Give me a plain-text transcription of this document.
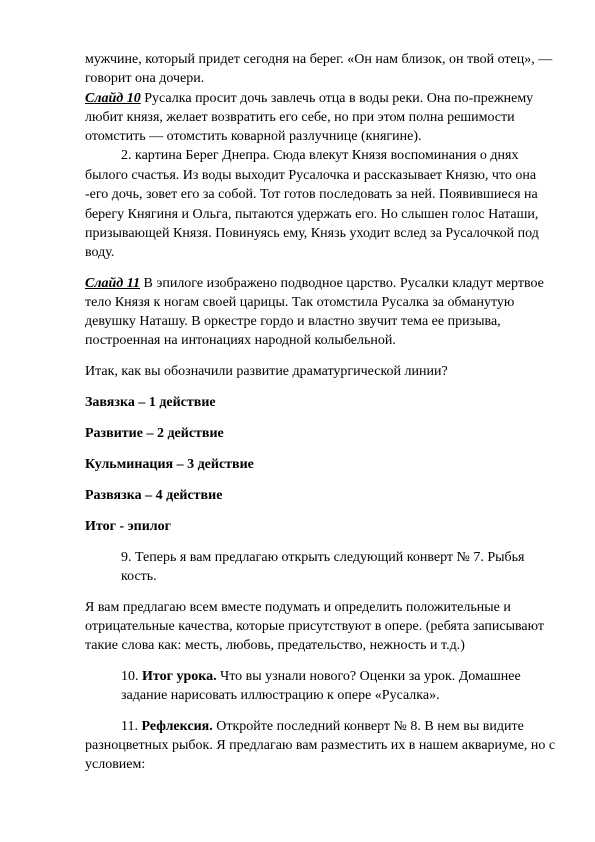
мужчине, который придет сегодня на берег. «Он нам близок, он твой отец», —
говорит она дочери.
Слайд 10 Русалка просит дочь завлечь отца в воды реки. Она по-прежнему
любит князя, желает возвратить его себе, но при этом полна решимости
отомстить — отомстить коварной разлучнице (княгине).
2. картина Берег Днепра. Сюда влекут Князя воспоминания о днях
былого счастья. Из воды выходит Русалочка и рассказывает Князю, что она
-его дочь, зовет его за собой. Тот готов последовать за ней. Появившиеся на
берегу Княгиня и Ольга, пытаются удержать его. Но слышен голос Наташи,
призывающей Князя. Повинуясь ему, Князь уходит вслед за Русалочкой под
воду.
Слайд 11 В эпилоге изображено подводное царство. Русалки кладут мертвое
тело Князя к ногам своей царицы. Так отомстила Русалка за обманутую
девушку Наташу. В оркестре гордо и властно звучит тема ее призыва,
построенная на интонациях народной колыбельной.
Итак, как вы обозначили развитие драматургической линии?
Завязка – 1 действие
Развитие – 2 действие
Кульминация – 3 действие
Развязка – 4 действие
Итог - эпилог
9. Теперь я вам предлагаю открыть следующий конверт № 7. Рыбья
кость.
Я вам предлагаю всем вместе подумать и определить положительные и
отрицательные качества, которые присутствуют в опере. (ребята записывают
такие слова как: месть, любовь, предательство, нежность и т.д.)
10. Итог урока. Что вы узнали нового? Оценки за урок. Домашнее
задание нарисовать иллюстрацию к опере «Русалка».
11. Рефлексия. Откройте последний конверт № 8. В нем вы видите
разноцветных рыбок. Я предлагаю вам разместить их в нашем аквариуме, но с
условием:
